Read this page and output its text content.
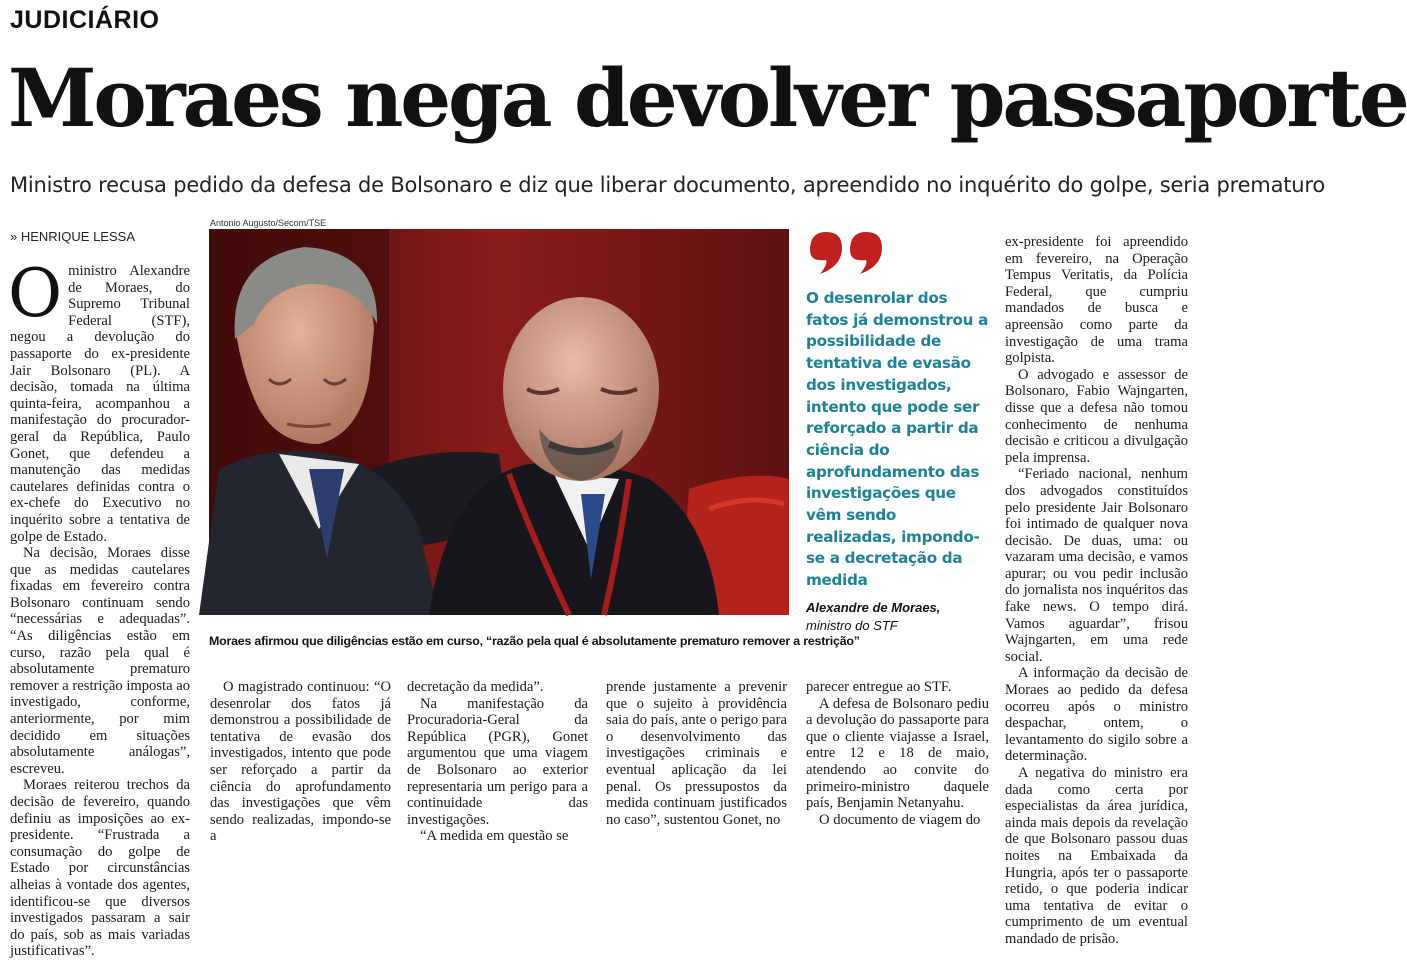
JUDICIÁRIO
Moraes nega devolver passaporte
Ministro recusa pedido da defesa de Bolsonaro e diz que liberar documento, apreendido no inquérito do golpe, seria prematuro
» HENRIQUE LESSA
O ministro Alexandre de Moraes, do Supremo Tribunal Federal (STF), negou a devolução do passaporte do ex-presidente Jair Bolsonaro (PL). A decisão, tomada na última quinta-feira, acompanhou a manifestação do procurador-geral da República, Paulo Gonet, que defendeu a manutenção das medidas cautelares definidas contra o ex-chefe do Executivo no inquérito sobre a tentativa de golpe de Estado.

Na decisão, Moraes disse que as medidas cautelares fixadas em fevereiro contra Bolsonaro continuam sendo “necessárias e adequadas”. “As diligências estão em curso, razão pela qual é absolutamente prematuro remover a restrição imposta ao investigado, conforme, anteriormente, por mim decidido em situações absolutamente análogas”, escreveu.

Moraes reiterou trechos da decisão de fevereiro, quando definiu as imposições ao ex-presidente. “Frustrada a consumação do golpe de Estado por circunstâncias alheias à vontade dos agentes, identificou-se que diversos investigados passaram a sair do país, sob as mais variadas justificativas”.

Antonio Augusto/Secom/TSE
Moraes afirmou que diligências estão em curso, “razão pela qual é absolutamente prematuro remover a restrição”
O desenrolar dos fatos já demonstrou a possibilidade de tentativa de evasão dos investigados, intento que pode ser reforçado a partir da ciência do aprofundamento das investigações que vêm sendo realizadas, impondo-se a decretação da medida
Alexandre de Moraes,
ministro do STF

ex-presidente foi apreendido em fevereiro, na Operação Tempus Veritatis, da Polícia Federal, que cumpriu mandados de busca e apreensão como parte da investigação de uma trama golpista.

O advogado e assessor de Bolsonaro, Fabio Wajngarten, disse que a defesa não tomou conhecimento de nenhuma decisão e criticou a divulgação pela imprensa.

“Feriado nacional, nenhum dos advogados constituídos pelo presidente Jair Bolsonaro foi intimado de qualquer nova decisão. De duas, uma: ou vazaram uma decisão, e vamos apurar; ou vou pedir inclusão do jornalista nos inquéritos das fake news. O tempo dirá. Vamos aguardar”, frisou Wajngarten, em uma rede social.

A informação da decisão de Moraes ao pedido da defesa ocorreu após o ministro despachar, ontem, o levantamento do sigilo sobre a determinação.

A negativa do ministro era dada como certa por especialistas da área jurídica, ainda mais depois da revelação de que Bolsonaro passou duas noites na Embaixada da Hungria, após ter o passaporte retido, o que poderia indicar uma tentativa de evitar o cumprimento de um eventual mandado de prisão.

O magistrado continuou: “O desenrolar dos fatos já demonstrou a possibilidade de tentativa de evasão dos investigados, intento que pode ser reforçado a partir da ciência do aprofundamento das investigações que vêm sendo realizadas, impondo-se a

decretação da medida”.

Na manifestação da Procuradoria-Geral da República (PGR), Gonet argumentou que uma viagem de Bolsonaro ao exterior representaria um perigo para a continuidade das investigações.

“A medida em questão se

prende justamente a prevenir que o sujeito à providência saia do país, ante o perigo para o desenvolvimento das investigações criminais e eventual aplicação da lei penal. Os pressupostos da medida continuam justificados no caso”, sustentou Gonet, no

parecer entregue ao STF.

A defesa de Bolsonaro pediu a devolução do passaporte para que o cliente viajasse a Israel, entre 12 e 18 de maio, atendendo ao convite do primeiro-ministro daquele país, Benjamin Netanyahu.

O documento de viagem do
